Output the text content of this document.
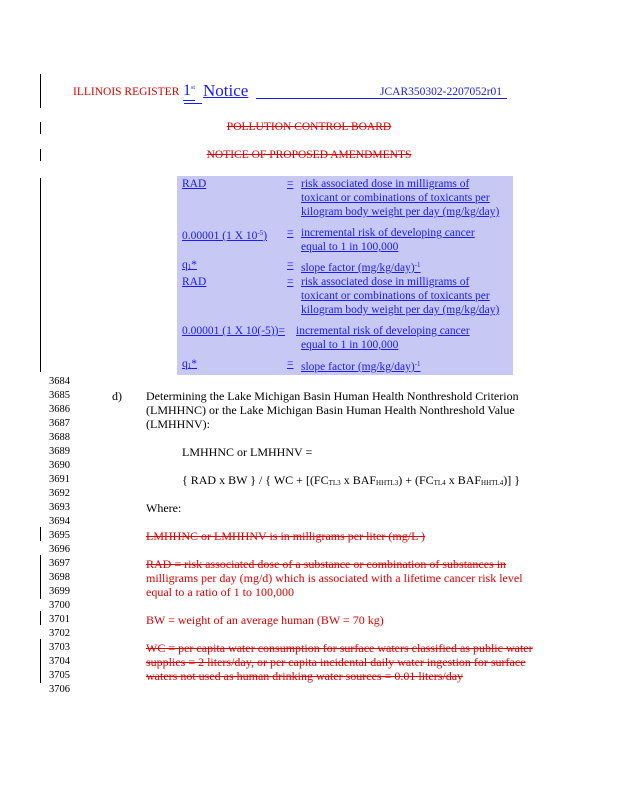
ILLINOIS REGISTER 1st Notice	JCAR350302-2207052r01
POLLUTION CONTROL BOARD
NOTICE OF PROPOSED AMENDMENTS
RAD	= risk associated dose in milligrams of
toxicant or combinations of toxicants per
kilogram body weight per day (mg/kg/day)
0.00001 (1 X $10^{-5}$) = incremental risk of developing cancer
equal to 1 in 100,000
$q_1*$	= slope factor $(mg/kg/day)^{-1}$
RAD	= risk associated dose in milligrams of
toxicant or combinations of toxicants per
kilogram body weight per day (mg/kg/day)
0.00001 (1 X 10(-5))= incremental risk of developing cancer
equal to 1 in 100,000
$q_1*$	= slope factor $(mg/kg/day)^{-1}$
3684
3685
3686
3687
3688
3689
3690
3691
3692
3693
3694
3695
3696
3697
3698
3699
3700
3701
3702
3703
3704
3705
3706
d) Determining the Lake Michigan Basin Human Health Nonthreshold Criterion
(LMHHNC) or the Lake Michigan Basin Human Health Nonthreshold Value
(LMHHNV):
LMHHNC or LMHHNV =
{ RAD x BW } / { WC + [($FC_{TL3}$ x $BAF_{HHTL3}) + (FC_{TL4}$ x $BAF_{HHTL4}$)] }
Where:
LMHHNC or LMHHNV is in milligrams per liter (mg/L )
RAD = risk associated dose of a substance or combination of substances in
milligrams per day (mg/d) which is associated with a lifetime cancer risk level
equal to a ratio of 1 to 100,000
BW = weight of an average human (BW = 70 kg)
WC = per capita water consumption for surface waters classified as public water
supplies = 2 liters/day, or per capita incidental daily water ingestion for surface
waters not used as human drinking water sources = 0.01 liters/day
